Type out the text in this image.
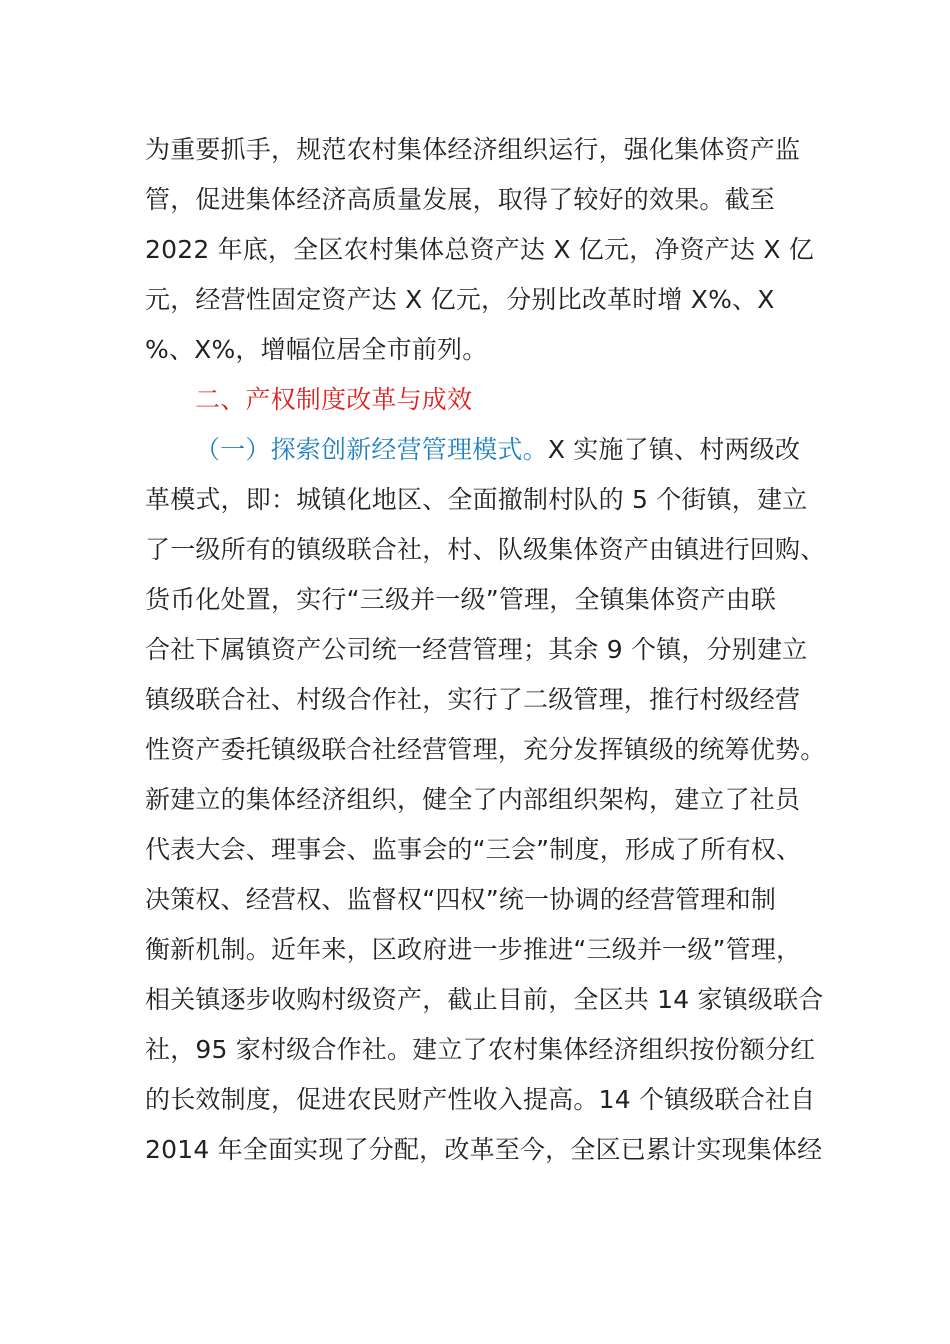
为重要抓手，规范农村集体经济组织运行，强化集体资产监
管，促进集体经济高质量发展，取得了较好的效果。截至
2022 年底，全区农村集体总资产达 X 亿元，净资产达 X 亿
元，经营性固定资产达 X 亿元，分别比改革时增 X%、X
%、X%，增幅位居全市前列。
二、产权制度改革与成效
（一）探索创新经营管理模式。X 实施了镇、村两级改
革模式，即：城镇化地区、全面撤制村队的 5 个街镇，建立
了一级所有的镇级联合社，村、队级集体资产由镇进行回购、
货币化处置，实行“三级并一级”管理，全镇集体资产由联
合社下属镇资产公司统一经营管理；其余 9 个镇，分别建立
镇级联合社、村级合作社，实行了二级管理，推行村级经营
性资产委托镇级联合社经营管理，充分发挥镇级的统筹优势。
新建立的集体经济组织，健全了内部组织架构，建立了社员
代表大会、理事会、监事会的“三会”制度，形成了所有权、
决策权、经营权、监督权“四权”统一协调的经营管理和制
衡新机制。近年来，区政府进一步推进“三级并一级”管理，
相关镇逐步收购村级资产，截止目前，全区共 14 家镇级联合
社，95 家村级合作社。建立了农村集体经济组织按份额分红
的长效制度，促进农民财产性收入提高。14 个镇级联合社自
2014 年全面实现了分配，改革至今，全区已累计实现集体经
